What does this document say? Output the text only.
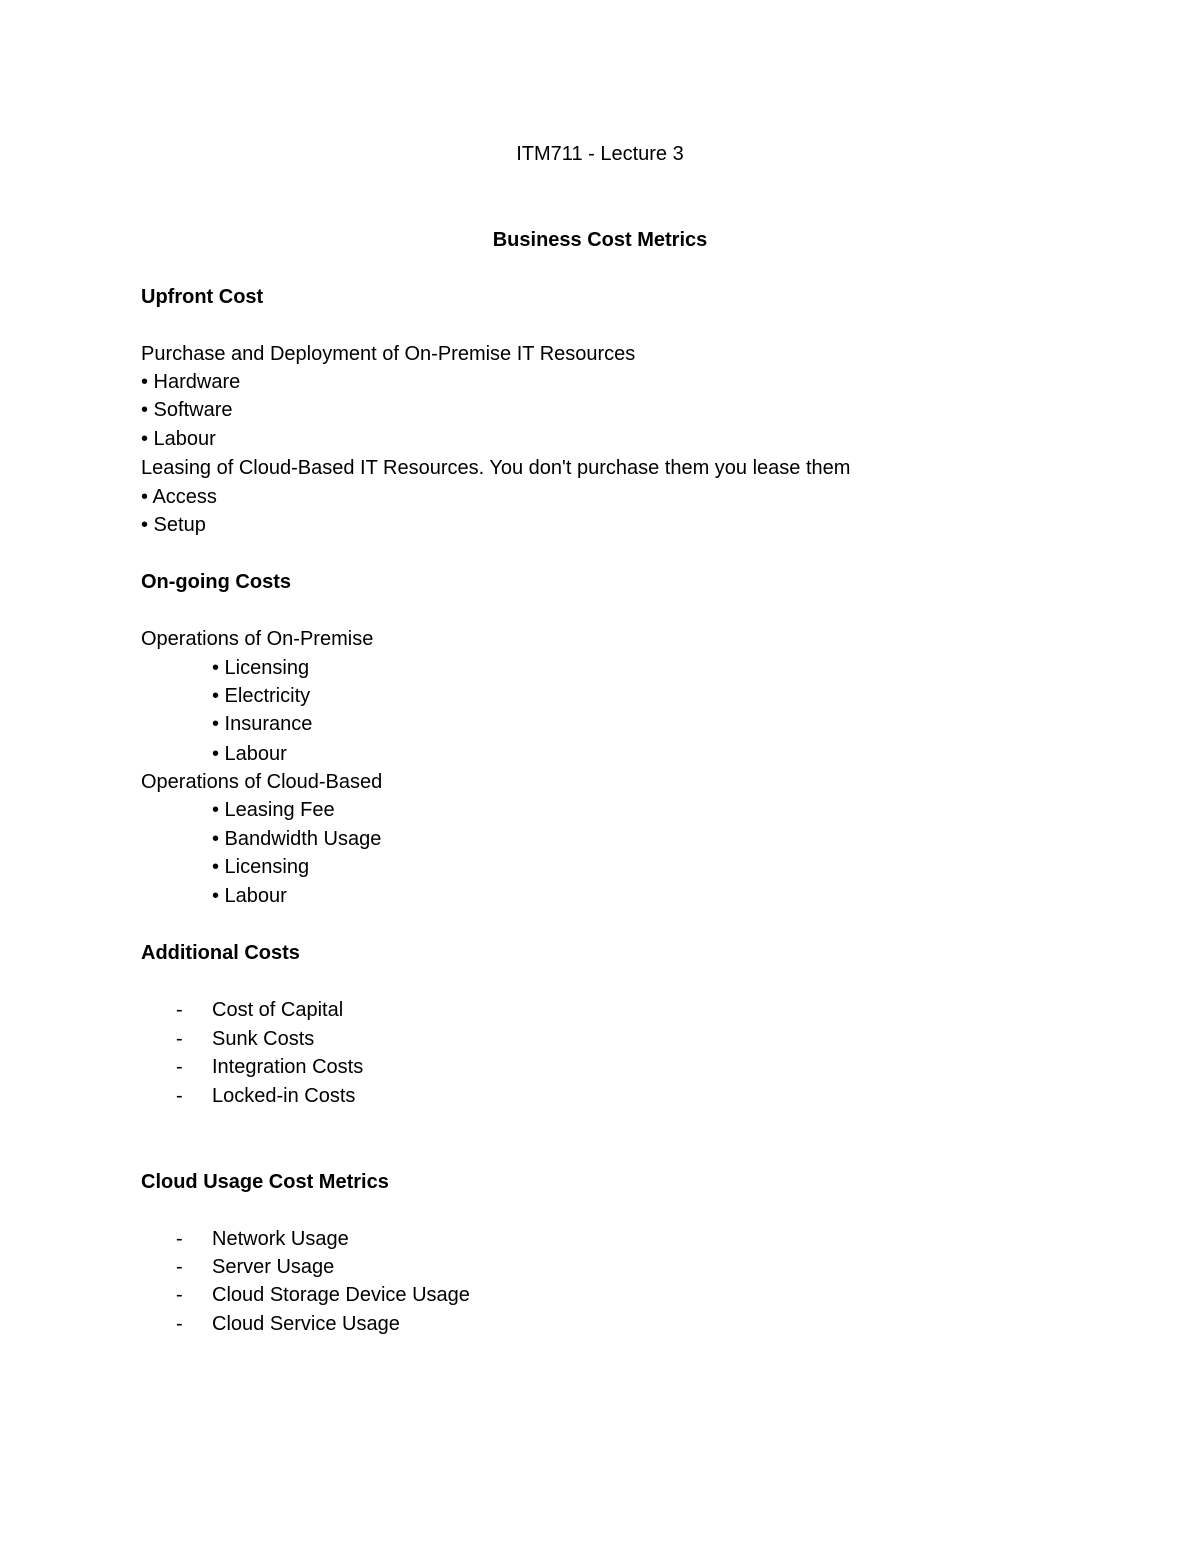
ITM711 - Lecture 3
Business Cost Metrics
Upfront Cost
Purchase and Deployment of On-Premise IT Resources
• Hardware
• Software
• Labour
Leasing of Cloud-Based IT Resources. You don't purchase them you lease them
• Access
• Setup
On-going Costs
Operations of On-Premise
• Licensing
• Electricity
• Insurance
• Labour
Operations of Cloud-Based
• Leasing Fee
• Bandwidth Usage
• Licensing
• Labour
Additional Costs
- Cost of Capital
- Sunk Costs
- Integration Costs
- Locked-in Costs
Cloud Usage Cost Metrics
- Network Usage
- Server Usage
- Cloud Storage Device Usage
- Cloud Service Usage
